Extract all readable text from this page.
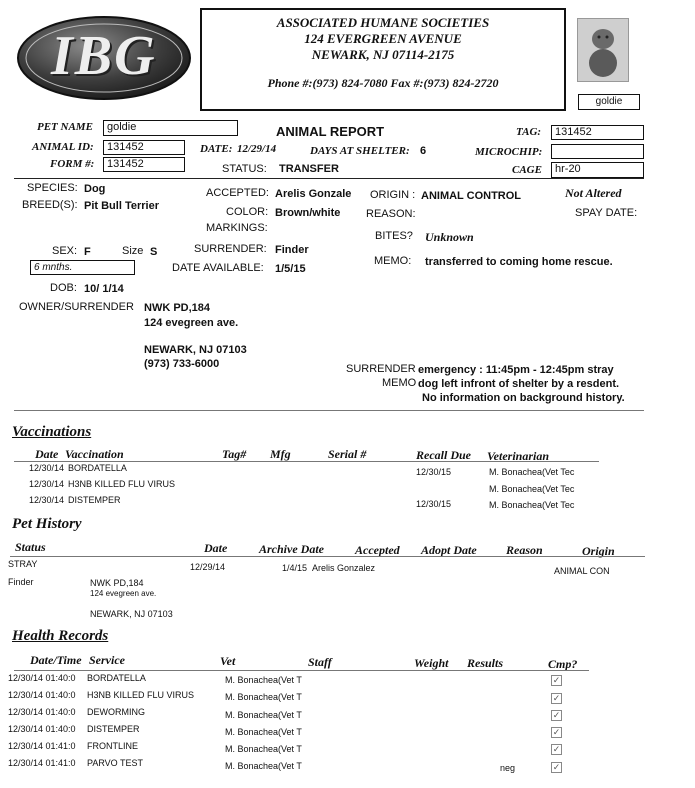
IBG
ASSOCIATED HUMANE SOCIETIES
124 EVERGREEN AVENUE
NEWARK, NJ 07114-2175
Phone #:(973) 824-7080 Fax #:(973) 824-2720
goldie
PET NAME	goldie	ANIMAL REPORT	TAG:	131452
ANIMAL ID:	131452	DATE: 12/29/14	DAYS AT SHELTER: 6	MICROCHIP:
FORM #:	131452	STATUS: TRANSFER	CAGE	hr-20
SPECIES: Dog
BREED(S): Pit Bull Terrier
ACCEPTED: Arelis Gonzale
COLOR: Brown/white
MARKINGS:
ORIGIN : ANIMAL CONTROL
REASON:
Not Altered
SPAY DATE:
BITES? Unknown
SEX: F	Size S	SURRENDER: Finder
MEMO: transferred to coming home rescue.
6 mnths.	DATE AVAILABLE: 1/5/15
DOB: 10/ 1/14
OWNER/SURRENDER NWK PD,184
124 evegreen ave.
NEWARK, NJ 07103
(973) 733-6000	SURRENDER
MEMO
emergency : 11:45pm - 12:45pm stray
dog left infront of shelter by a resdent.
No information on background history.
Vaccinations
Date Vaccination	Tag# Mfg	Serial #	Recall Due Veterinarian
12/30/14 BORDATELLA	12/30/15	M. Bonachea(Vet Tec
12/30/14 H3NB KILLED FLU VIRUS	M. Bonachea(Vet Tec
12/30/14 DISTEMPER	12/30/15	M. Bonachea(Vet Tec
Pet History
Status	Date	Archive Date	Accepted Adopt Date Reason	Origin
STRAY	12/29/14	1/4/15 Arelis Gonzalez	ANIMAL CON
Finder	NWK PD,184
124 evegreen ave.
NEWARK, NJ 07103
Health Records
Date/Time Service	Vet	Staff	Weight Results	Cmp?
12/30/14 01:40:0 BORDATELLA	M. Bonachea(Vet T	✓
12/30/14 01:40:0 H3NB KILLED FLU VIRUS	M. Bonachea(Vet T	✓
12/30/14 01:40:0 DEWORMING	M. Bonachea(Vet T	✓
12/30/14 01:40:0 DISTEMPER	M. Bonachea(Vet T	✓
12/30/14 01:41:0 FRONTLINE	M. Bonachea(Vet T	✓
12/30/14 01:41:0 PARVO TEST	M. Bonachea(Vet T	neg	✓
